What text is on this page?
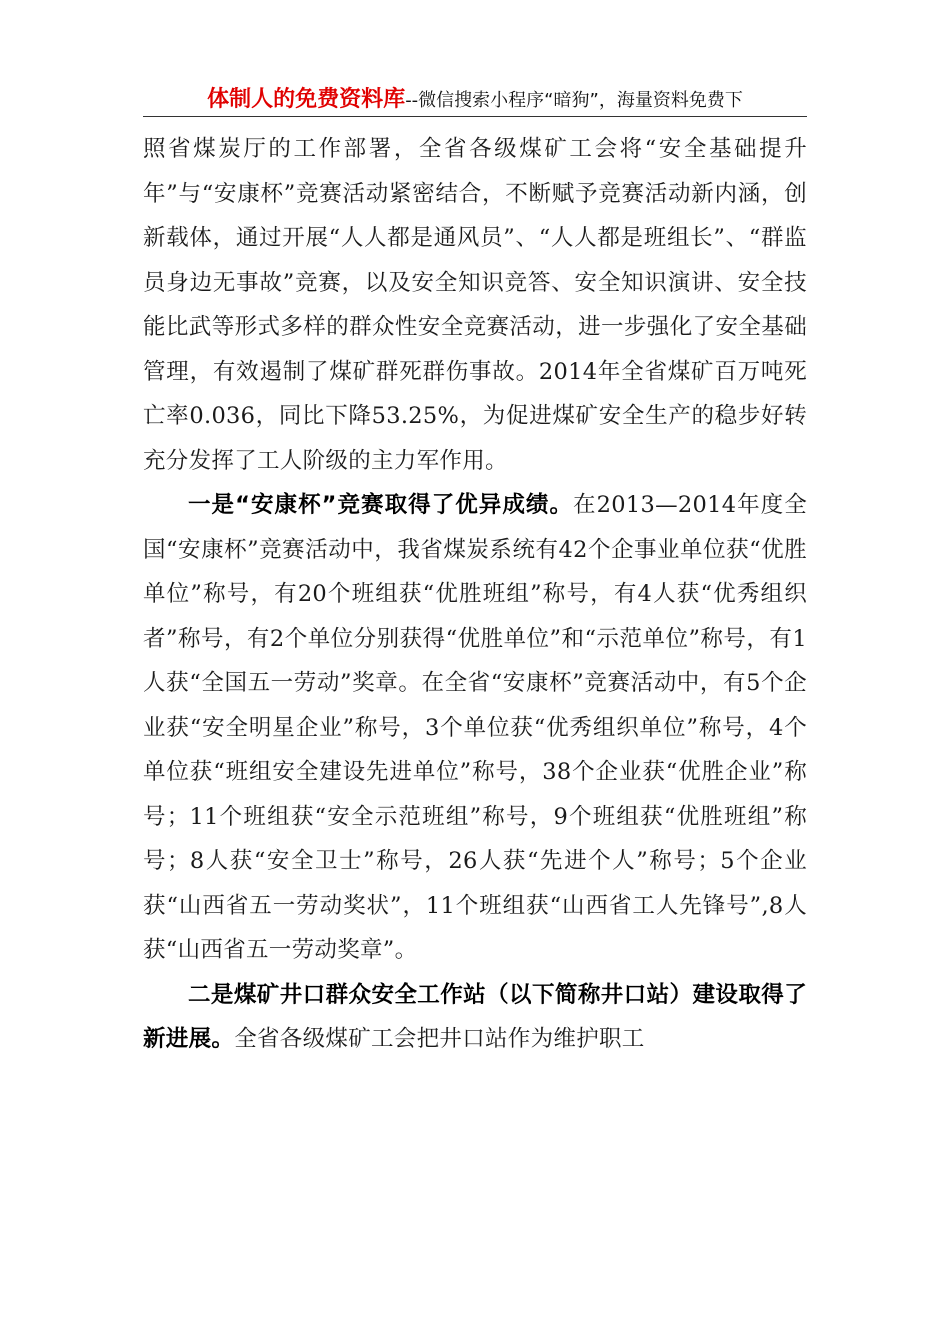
体制人的免费资料库--微信搜索小程序“暗狗”，海量资料免费下

照省煤炭厅的工作部署，全省各级煤矿工会将“安全基础提升年”与“安康杯”竞赛活动紧密结合，不断赋予竞赛活动新内涵，创新载体，通过开展“人人都是通风员”、“人人都是班组长”、“群监员身边无事故”竞赛，以及安全知识竞答、安全知识演讲、安全技能比武等形式多样的群众性安全竞赛活动，进一步强化了安全基础管理，有效遏制了煤矿群死群伤事故。2014年全省煤矿百万吨死亡率0.036，同比下降53.25%，为促进煤矿安全生产的稳步好转充分发挥了工人阶级的主力军作用。

一是“安康杯”竞赛取得了优异成绩。在2013—2014年度全国“安康杯”竞赛活动中，我省煤炭系统有42个企事业单位获“优胜单位”称号，有20个班组获“优胜班组”称号，有4人获“优秀组织者”称号，有2个单位分别获得“优胜单位”和“示范单位”称号，有1人获“全国五一劳动”奖章。在全省“安康杯”竞赛活动中，有5个企业获“安全明星企业”称号，3个单位获“优秀组织单位”称号，4个单位获“班组安全建设先进单位”称号，38个企业获“优胜企业”称号；11个班组获“安全示范班组”称号，9个班组获“优胜班组”称号；8人获“安全卫士”称号，26人获“先进个人”称号；5个企业获“山西省五一劳动奖状”，11个班组获“山西省工人先锋号”,8人获“山西省五一劳动奖章”。

二是煤矿井口群众安全工作站（以下简称井口站）建设取得了新进展。全省各级煤矿工会把井口站作为维护职工
